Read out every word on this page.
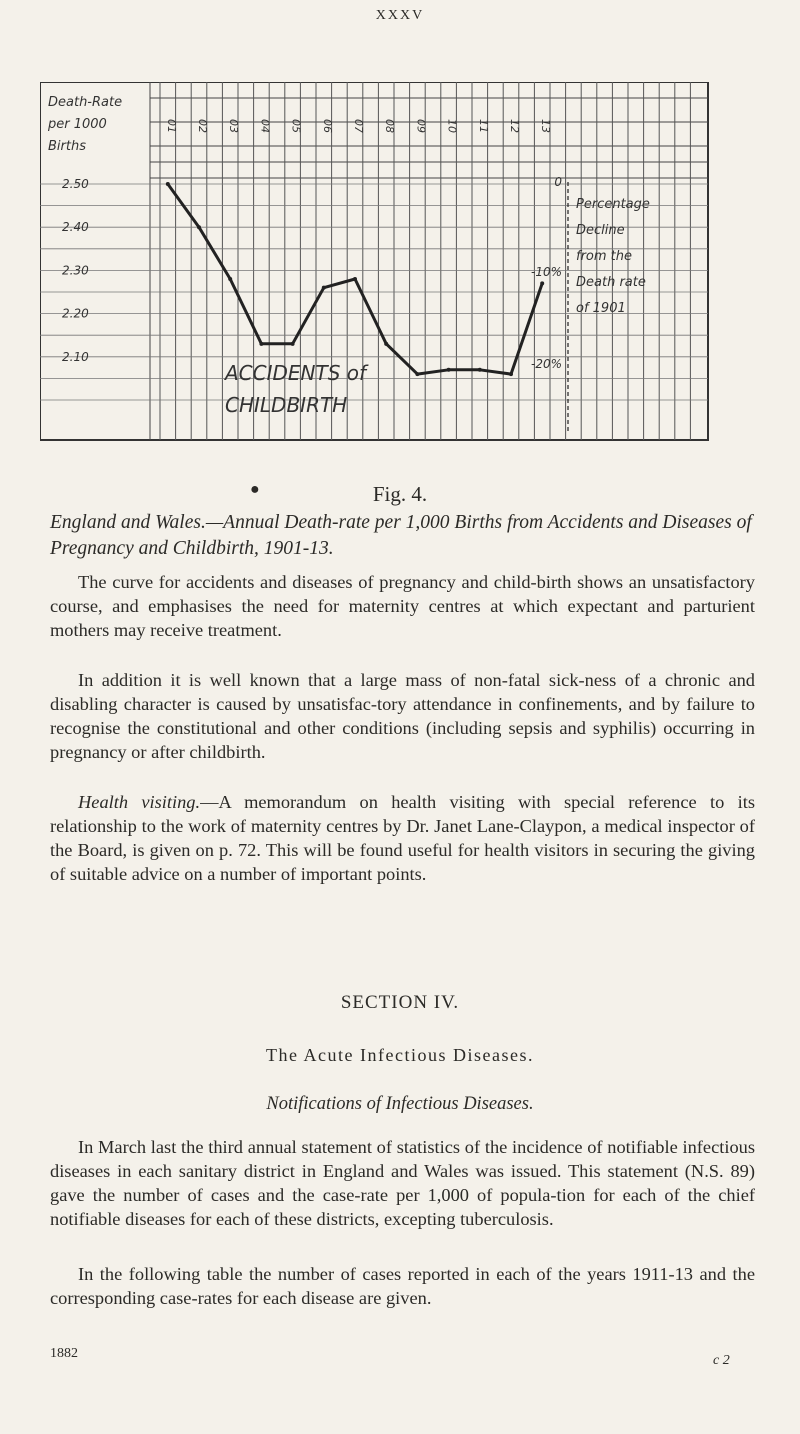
XXXV
Death-Rate
per 1000
Births
01 02 03 04 05 06 07 08 09 10 11 12 13
2.50
2.40
2.30
2.20
2.10
ACCIDENTS of
CHILDBIRTH
0
-10%
-20%
Percentage
Decline
from the
Death rate
of 1901
●	Fig. 4.
England and Wales.—Annual Death-rate per 1,000 Births from Accidents and Diseases of Pregnancy and Childbirth, 1901-13.

The curve for accidents and diseases of pregnancy and child-birth shows an unsatisfactory course, and emphasises the need for maternity centres at which expectant and parturient mothers may receive treatment.

In addition it is well known that a large mass of non-fatal sick-ness of a chronic and disabling character is caused by unsatisfac-tory attendance in confinements, and by failure to recognise the constitutional and other conditions (including sepsis and syphilis) occurring in pregnancy or after childbirth.

Health visiting.—A memorandum on health visiting with special reference to its relationship to the work of maternity centres by Dr. Janet Lane-Claypon, a medical inspector of the Board, is given on p. 72. This will be found useful for health visitors in securing the giving of suitable advice on a number of important points.

SECTION IV.
The Acute Infectious Diseases.
Notifications of Infectious Diseases.

In March last the third annual statement of statistics of the incidence of notifiable infectious diseases in each sanitary district in England and Wales was issued. This statement (N.S. 89) gave the number of cases and the case-rate per 1,000 of popula-tion for each of the chief notifiable diseases for each of these districts, excepting tuberculosis.

In the following table the number of cases reported in each of the years 1911-13 and the corresponding case-rates for each disease are given.

1882	c 2
